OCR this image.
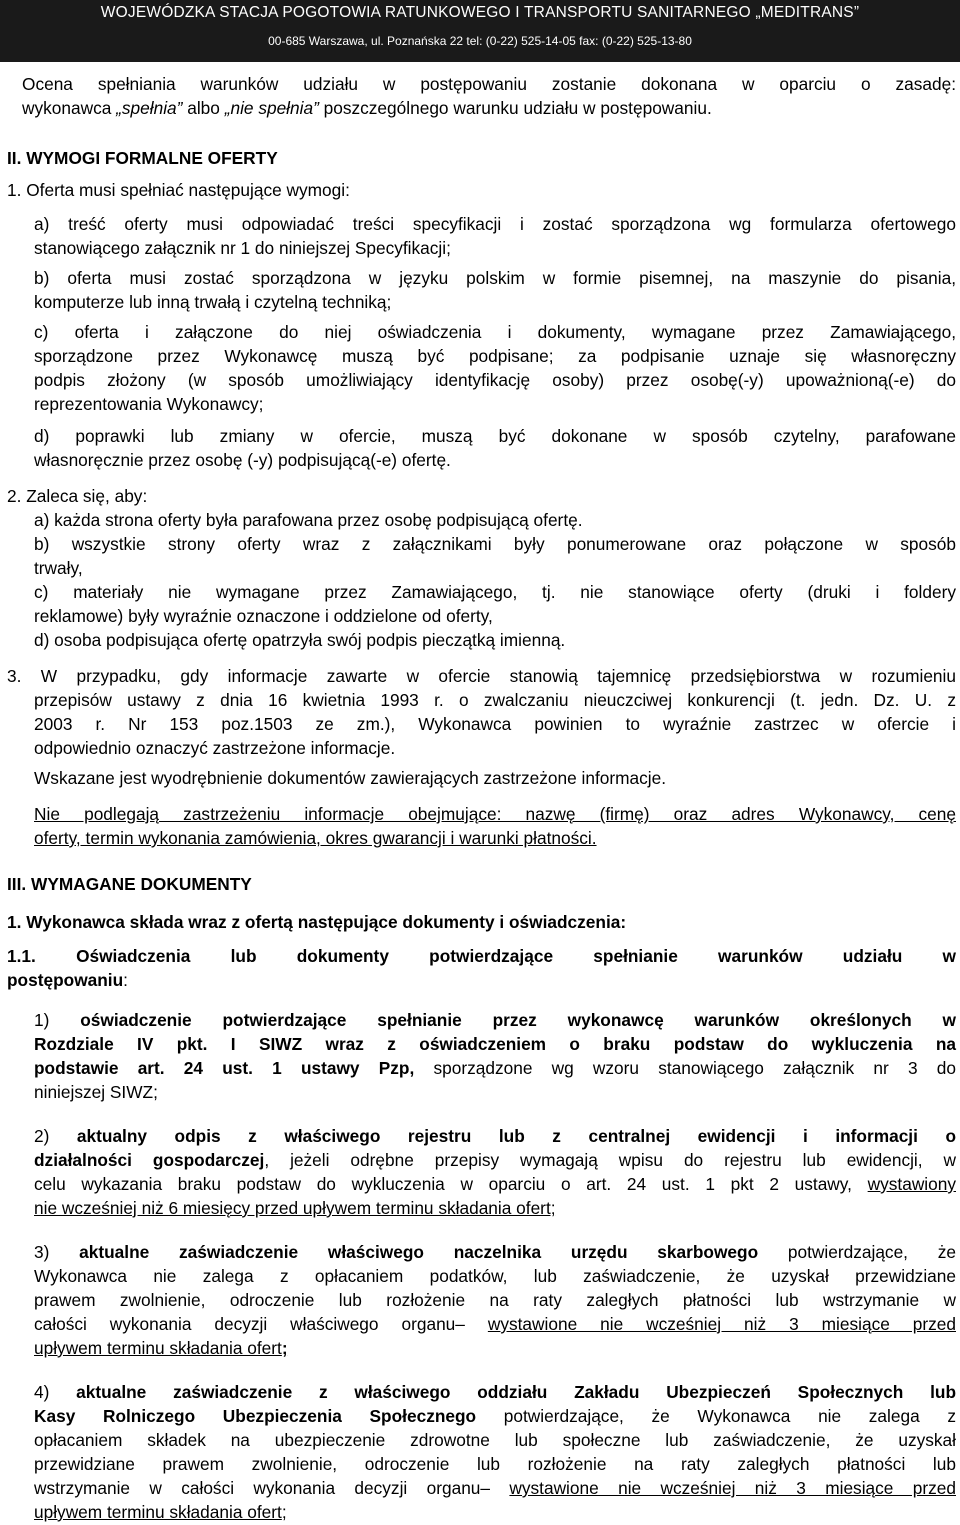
WOJEWÓDZKA STACJA POGOTOWIA RATUNKOWEGO I TRANSPORTU SANITARNEGO „MEDITRANS”
00-685 Warszawa, ul. Poznańska 22 tel: (0-22) 525-14-05 fax: (0-22) 525-13-80

Ocena spełniania warunków udziału w postępowaniu zostanie dokonana w oparciu o zasadę:

wykonawca „spełnia” albo „nie spełnia” poszczególnego warunku udziału w postępowaniu.

II. WYMOGI FORMALNE OFERTY

1. Oferta musi spełniać następujące wymogi:

a) treść oferty musi odpowiadać treści specyfikacji i zostać sporządzona wg formularza ofertowego

stanowiącego załącznik nr 1 do niniejszej Specyfikacji;

b) oferta musi zostać sporządzona w języku polskim w formie pisemnej, na maszynie do pisania,

komputerze lub inną trwałą i czytelną techniką;

c) oferta i załączone do niej oświadczenia i dokumenty, wymagane przez Zamawiającego,

sporządzone przez Wykonawcę muszą być podpisane; za podpisanie uznaje się własnoręczny

podpis złożony (w sposób umożliwiający identyfikację osoby) przez osobę(-y) upoważnioną(-e) do

reprezentowania Wykonawcy;

d) poprawki lub zmiany w ofercie, muszą być dokonane w sposób czytelny, parafowane

własnoręcznie przez osobę (-y) podpisującą(-e) ofertę.

2. Zaleca się, aby:

a) każda strona oferty była parafowana przez osobę podpisującą ofertę.

b) wszystkie strony oferty wraz z załącznikami były ponumerowane oraz połączone w sposób

trwały,

c) materiały nie wymagane przez Zamawiającego, tj. nie stanowiące oferty (druki i foldery

reklamowe) były wyraźnie oznaczone i oddzielone od oferty,

d) osoba podpisująca ofertę opatrzyła swój podpis pieczątką imienną.

3. W przypadku, gdy informacje zawarte w ofercie stanowią tajemnicę przedsiębiorstwa w rozumieniu

przepisów ustawy z dnia 16 kwietnia 1993 r. o zwalczaniu nieuczciwej konkurencji (t. jedn. Dz. U. z

2003 r. Nr 153 poz.1503 ze zm.), Wykonawca powinien to wyraźnie zastrzec w ofercie i

odpowiednio oznaczyć zastrzeżone informacje.

Wskazane jest wyodrębnienie dokumentów zawierających zastrzeżone informacje.

Nie podlegają zastrzeżeniu informacje obejmujące: nazwę (firmę) oraz adres Wykonawcy, cenę

oferty, termin wykonania zamówienia, okres gwarancji i warunki płatności.

III. WYMAGANE DOKUMENTY

1. Wykonawca składa wraz z ofertą następujące dokumenty i oświadczenia:

1.1. Oświadczenia lub dokumenty potwierdzające spełnianie warunków udziału w

postępowaniu:

1) oświadczenie potwierdzające spełnianie przez wykonawcę warunków określonych w

Rozdziale IV pkt. I SIWZ wraz z oświadczeniem o braku podstaw do wykluczenia na

podstawie art. 24 ust. 1 ustawy Pzp, sporządzone wg wzoru stanowiącego załącznik nr 3 do

niniejszej SIWZ;

2) aktualny odpis z właściwego rejestru lub z centralnej ewidencji i informacji o

działalności gospodarczej, jeżeli odrębne przepisy wymagają wpisu do rejestru lub ewidencji, w

celu wykazania braku podstaw do wykluczenia w oparciu o art. 24 ust. 1 pkt 2 ustawy, wystawiony

nie wcześniej niż 6 miesięcy przed upływem terminu składania ofert;

3) aktualne zaświadczenie właściwego naczelnika urzędu skarbowego potwierdzające, że

Wykonawca nie zalega z opłacaniem podatków, lub zaświadczenie, że uzyskał przewidziane

prawem zwolnienie, odroczenie lub rozłożenie na raty zaległych płatności lub wstrzymanie w

całości wykonania decyzji właściwego organu– wystawione nie wcześniej niż 3 miesiące przed

upływem terminu składania ofert;

4) aktualne zaświadczenie z właściwego oddziału Zakładu Ubezpieczeń Społecznych lub

Kasy Rolniczego Ubezpieczenia Społecznego potwierdzające, że Wykonawca nie zalega z

opłacaniem składek na ubezpieczenie zdrowotne lub społeczne lub zaświadczenie, że uzyskał

przewidziane prawem zwolnienie, odroczenie lub rozłożenie na raty zaległych płatności lub

wstrzymanie w całości wykonania decyzji organu– wystawione nie wcześniej niż 3 miesiące przed

upływem terminu składania ofert;
